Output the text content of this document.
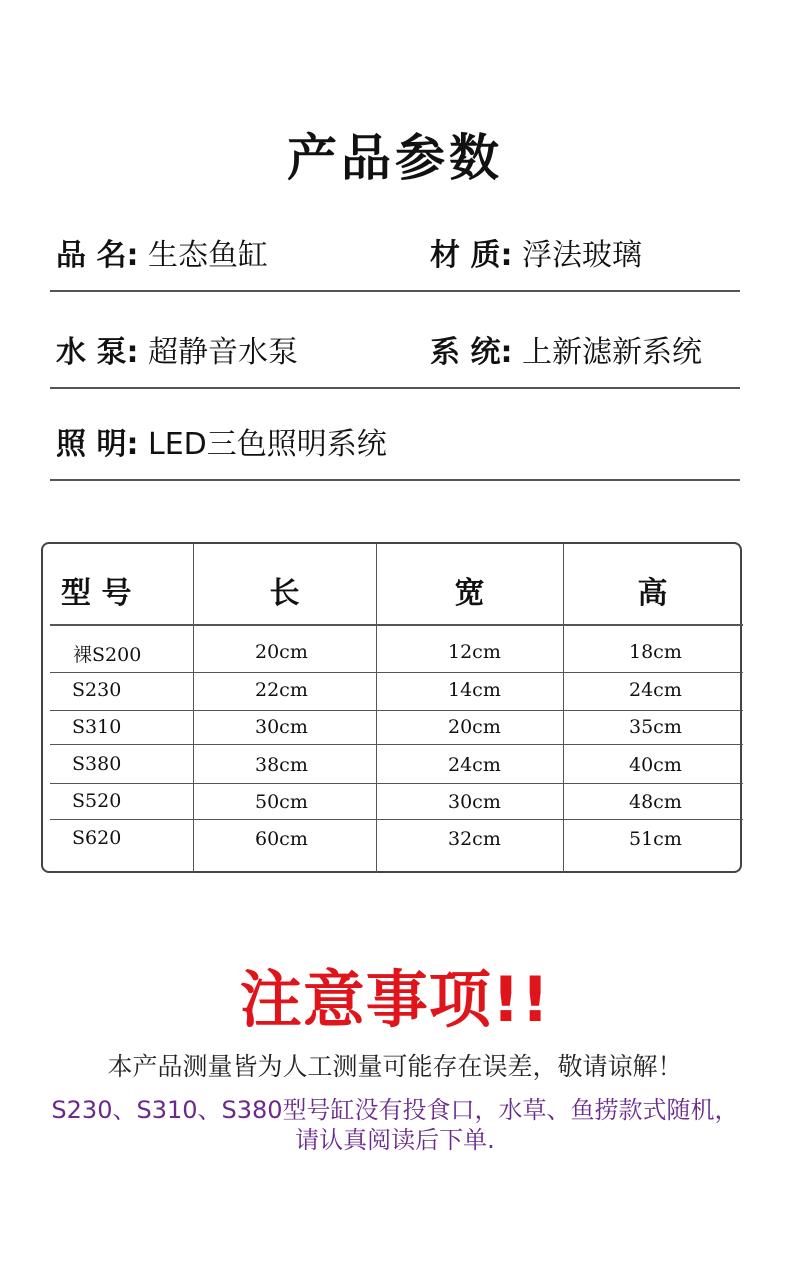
产品参数
品 名: 生态鱼缸	材 质: 浮法玻璃
水 泵: 超静音水泵	系 统: 上新滤新系统
照 明: LED三色照明系统
型 号	长	宽	高
裸S200	20cm	12cm	18cm
S230	22cm	14cm	24cm
S310	30cm	20cm	35cm
S380	38cm	24cm	40cm
S520	50cm	30cm	48cm
S620	60cm	32cm	51cm
注意事项!!
本产品测量皆为人工测量可能存在误差，敬请谅解！
S230、S310、S380型号缸没有投食口，水草、鱼捞款式随机，
请认真阅读后下单.
